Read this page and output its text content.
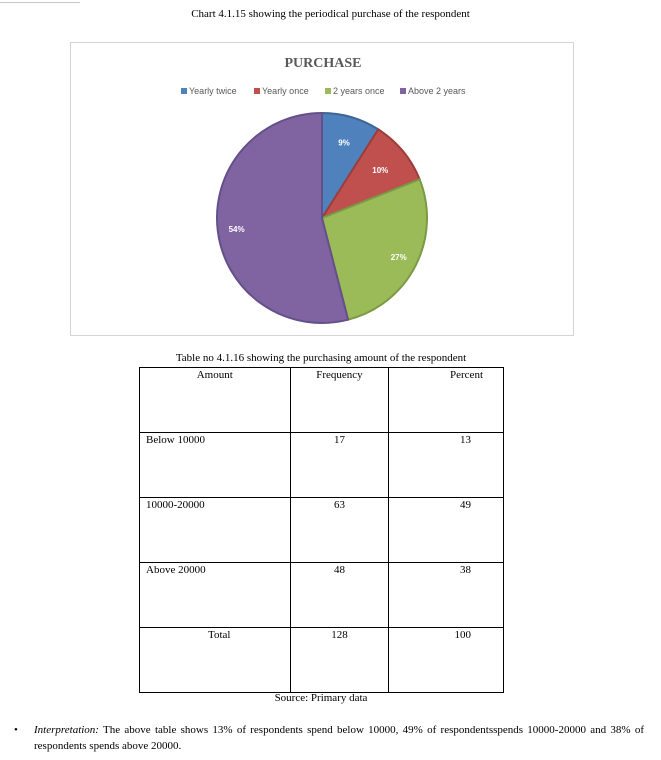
Chart 4.1.15 showing the periodical purchase of the respondent
PURCHASE
Yearly twice	Yearly once	2 years once	Above 2 years
9%
10%
27%
54%
Table no 4.1.16 showing the purchasing amount of the respondent
Amount	Frequency	Percent
Below 10000	17	13
10000-20000	63	49
Above 20000	48	38
Total	128	100
Source: Primary data
• Interpretation: The above table shows 13% of respondents spend below 10000, 49% of respondentsspends 10000-20000 and 38% of respondents spends above 20000.
